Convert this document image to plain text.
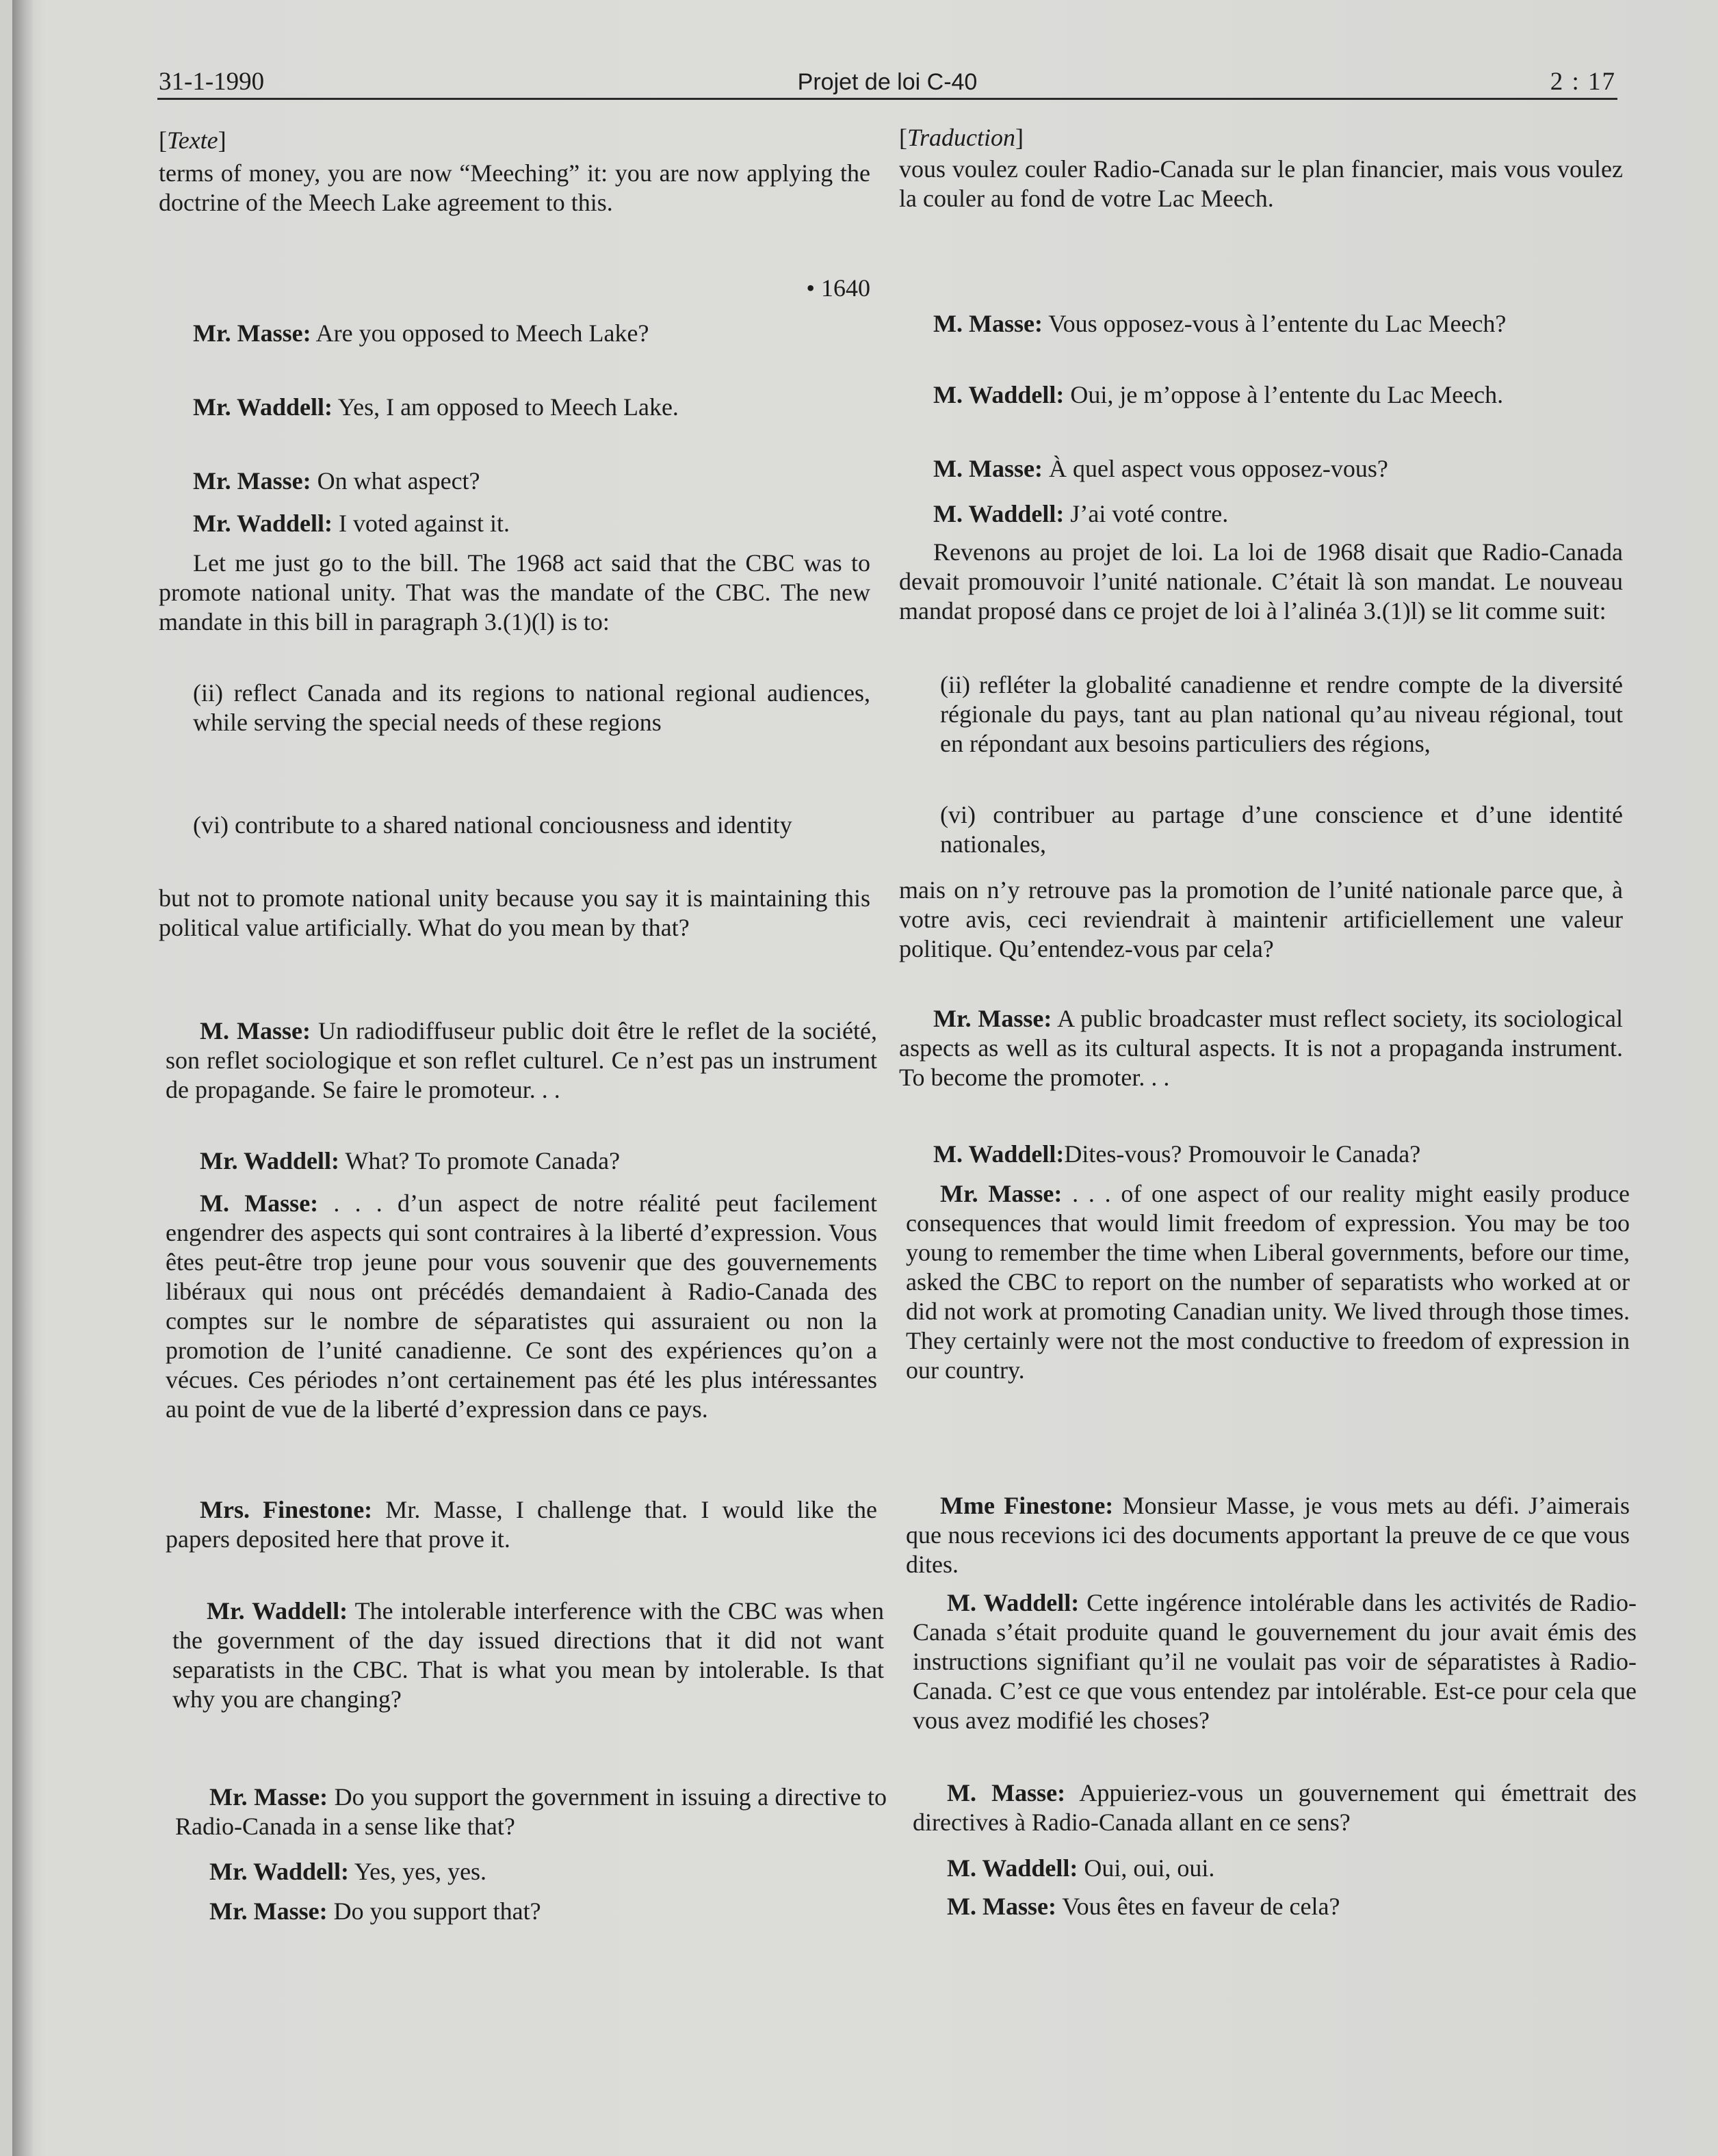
31-1-1990	Projet de loi C-40	2 : 17
[Texte]

terms of money, you are now “Meeching” it: you are now applying the doctrine of the Meech Lake agreement to this.

• 1640

Mr. Masse: Are you opposed to Meech Lake?

Mr. Waddell: Yes, I am opposed to Meech Lake.

Mr. Masse: On what aspect?

Mr. Waddell: I voted against it.

Let me just go to the bill. The 1968 act said that the CBC was to promote national unity. That was the mandate of the CBC. The new mandate in this bill in paragraph 3.(1)(l) is to:

(ii) reflect Canada and its regions to national regional audiences, while serving the special needs of these regions

(vi) contribute to a shared national conciousness and identity

but not to promote national unity because you say it is maintaining this political value artificially. What do you mean by that?

M. Masse: Un radiodiffuseur public doit être le reflet de la société, son reflet sociologique et son reflet culturel. Ce n’est pas un instrument de propagande. Se faire le promoteur. . .

Mr. Waddell: What? To promote Canada?

M. Masse: . . . d’un aspect de notre réalité peut facilement engendrer des aspects qui sont contraires à la liberté d’expression. Vous êtes peut-être trop jeune pour vous souvenir que des gouvernements libéraux qui nous ont précédés demandaient à Radio-Canada des comptes sur le nombre de séparatistes qui assuraient ou non la promotion de l’unité canadienne. Ce sont des expériences qu’on a vécues. Ces périodes n’ont certainement pas été les plus intéressantes au point de vue de la liberté d’expression dans ce pays.

Mrs. Finestone: Mr. Masse, I challenge that. I would like the papers deposited here that prove it.

Mr. Waddell: The intolerable interference with the CBC was when the government of the day issued directions that it did not want separatists in the CBC. That is what you mean by intolerable. Is that why you are changing?

Mr. Masse: Do you support the government in issuing a directive to Radio-Canada in a sense like that?

Mr. Waddell: Yes, yes, yes.

Mr. Masse: Do you support that?

[Traduction]

vous voulez couler Radio-Canada sur le plan financier, mais vous voulez la couler au fond de votre Lac Meech.

M. Masse: Vous opposez-vous à l’entente du Lac Meech?

M. Waddell: Oui, je m’oppose à l’entente du Lac Meech.

M. Masse: À quel aspect vous opposez-vous?

M. Waddell: J’ai voté contre.

Revenons au projet de loi. La loi de 1968 disait que Radio-Canada devait promouvoir l’unité nationale. C’était là son mandat. Le nouveau mandat proposé dans ce projet de loi à l’alinéa 3.(1)l) se lit comme suit:

(ii) refléter la globalité canadienne et rendre compte de la diversité régionale du pays, tant au plan national qu’au niveau régional, tout en répondant aux besoins particuliers des régions,

(vi) contribuer au partage d’une conscience et d’une identité nationales,

mais on n’y retrouve pas la promotion de l’unité nationale parce que, à votre avis, ceci reviendrait à maintenir artificiellement une valeur politique. Qu’entendez-vous par cela?

Mr. Masse: A public broadcaster must reflect society, its sociological aspects as well as its cultural aspects. It is not a propaganda instrument. To become the promoter. . .

M. Waddell:Dites-vous? Promouvoir le Canada?

Mr. Masse: . . . of one aspect of our reality might easily produce consequences that would limit freedom of expression. You may be too young to remember the time when Liberal governments, before our time, asked the CBC to report on the number of separatists who worked at or did not work at promoting Canadian unity. We lived through those times. They certainly were not the most conductive to freedom of expression in our country.

Mme Finestone: Monsieur Masse, je vous mets au défi. J’aimerais que nous recevions ici des documents apportant la preuve de ce que vous dites.

M. Waddell: Cette ingérence intolérable dans les activités de Radio-Canada s’était produite quand le gouvernement du jour avait émis des instructions signifiant qu’il ne voulait pas voir de séparatistes à Radio-Canada. C’est ce que vous entendez par intolérable. Est-ce pour cela que vous avez modifié les choses?

M. Masse: Appuieriez-vous un gouvernement qui émettrait des directives à Radio-Canada allant en ce sens?

M. Waddell: Oui, oui, oui.

M. Masse: Vous êtes en faveur de cela?
